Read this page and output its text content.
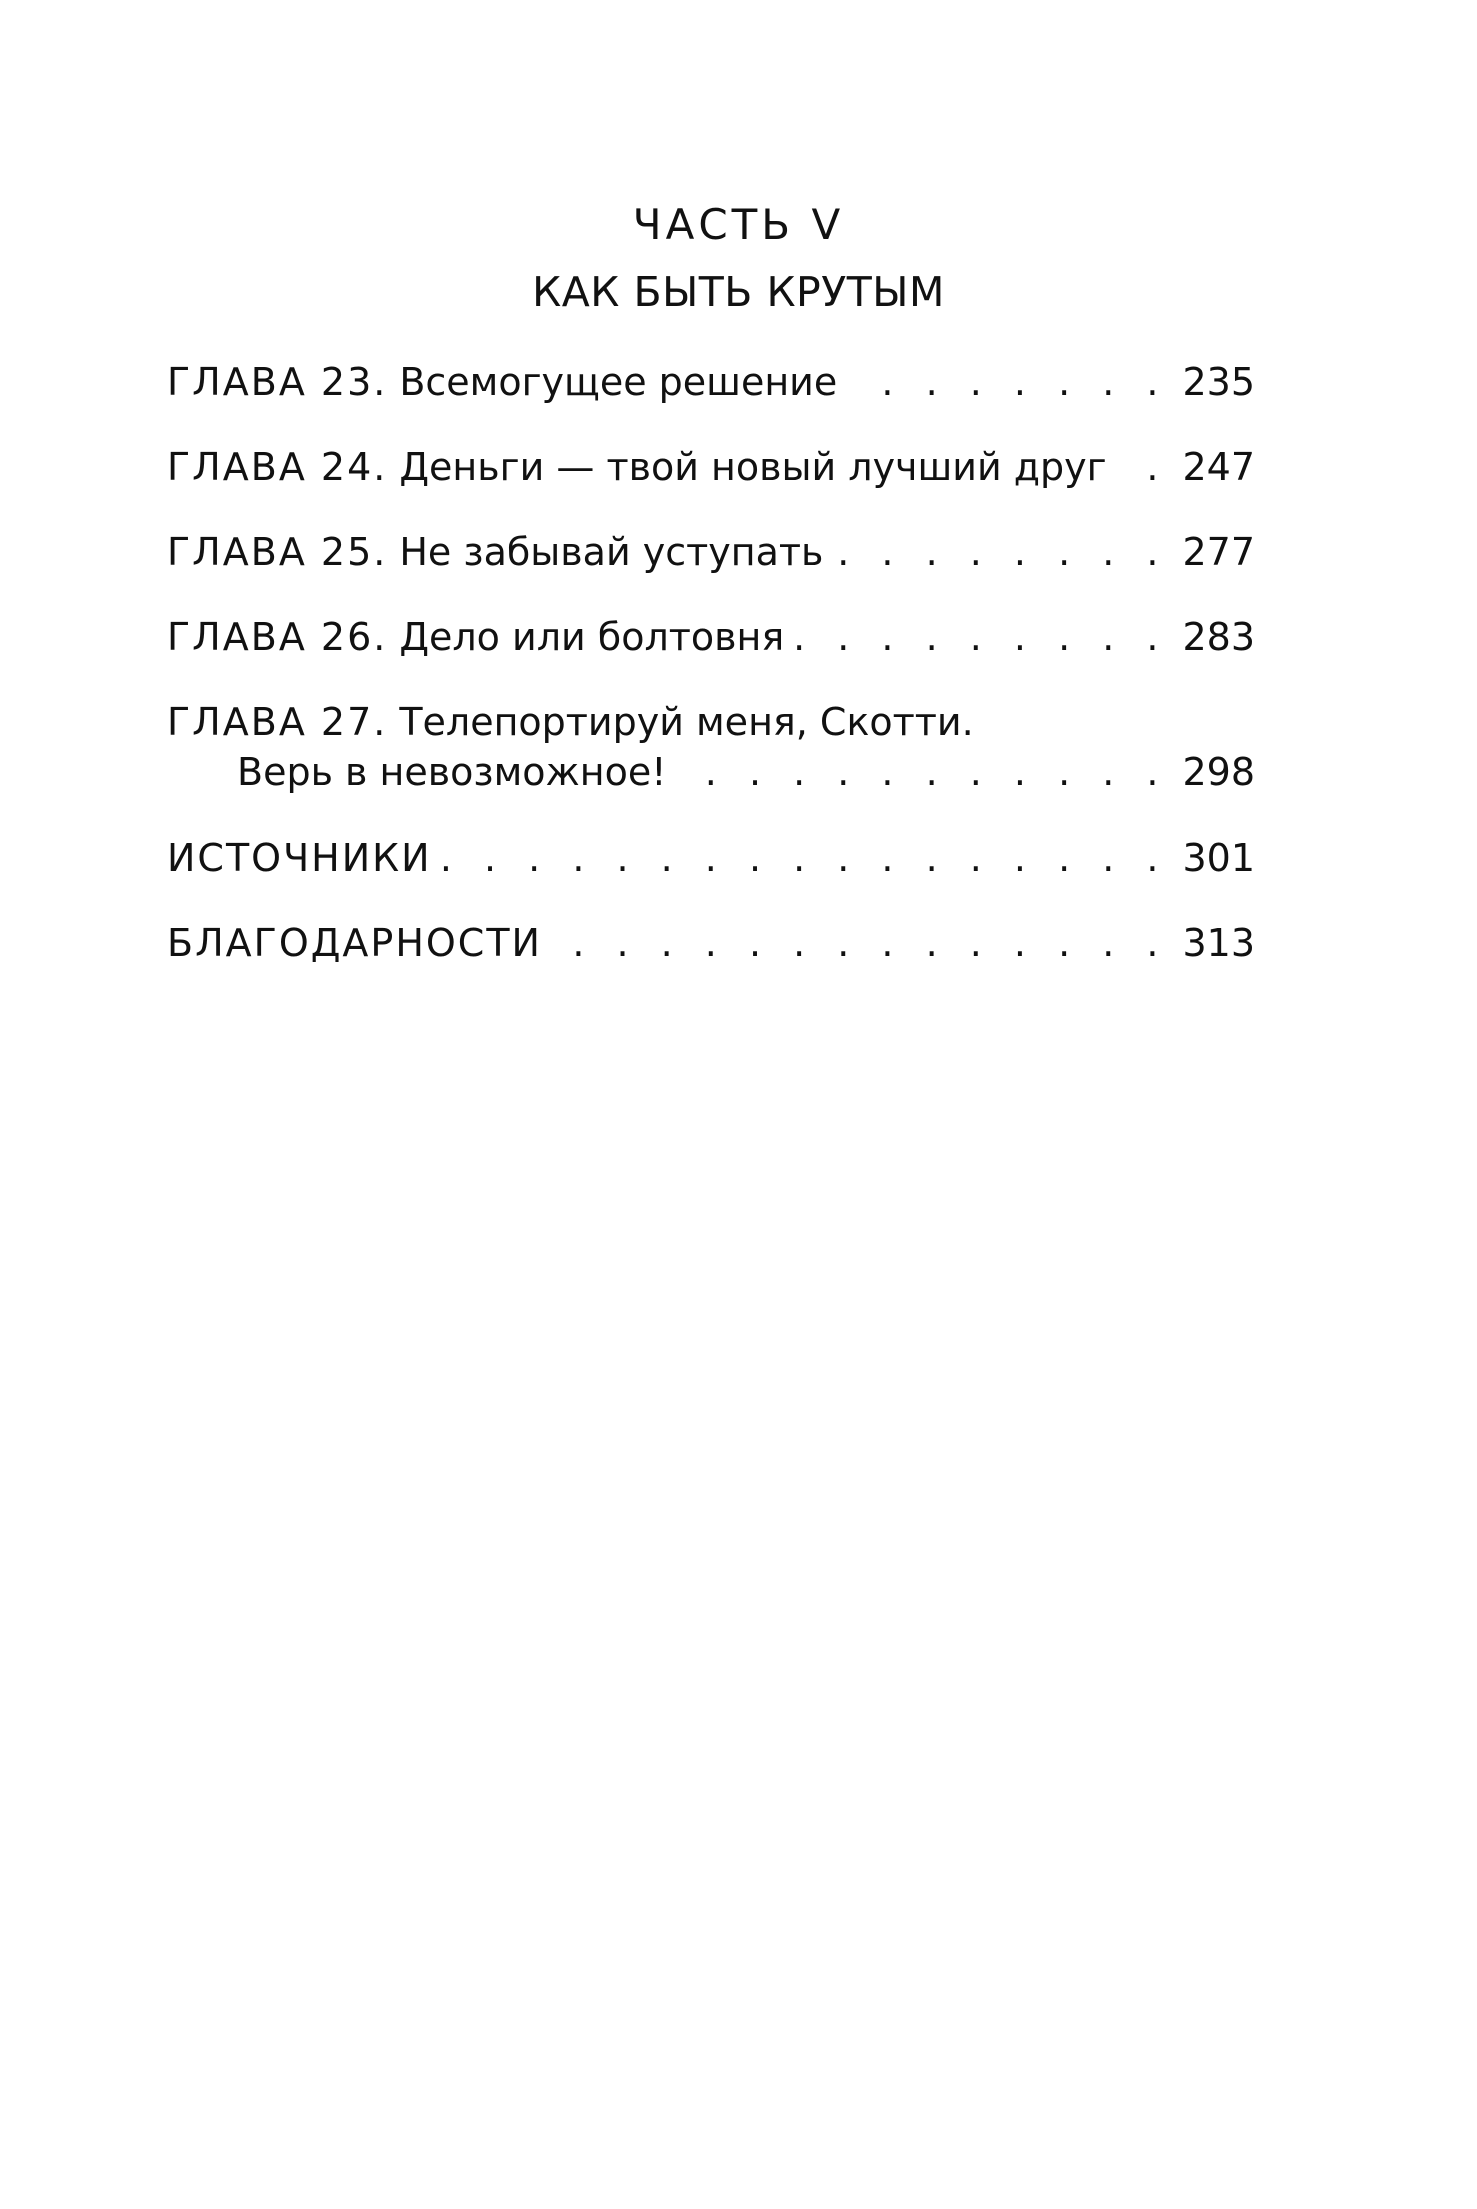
ЧАСТЬ V
КАК БЫТЬ КРУТЫМ
ГЛАВА 23. Всемогущее решение . . .	235
ГЛАВА 24. Деньги — твой новый лучший друг . . . 247
ГЛАВА 25. Не забывай уступать . . .	277
ГЛАВА 26. Дело или болтовня . . .	283
ГЛАВА 27. Телепортируй меня, Скотти.
Верь в невозможное! . . .	298
ИСТОЧНИКИ . . .	301
БЛАГОДАРНОСТИ . . .	313
